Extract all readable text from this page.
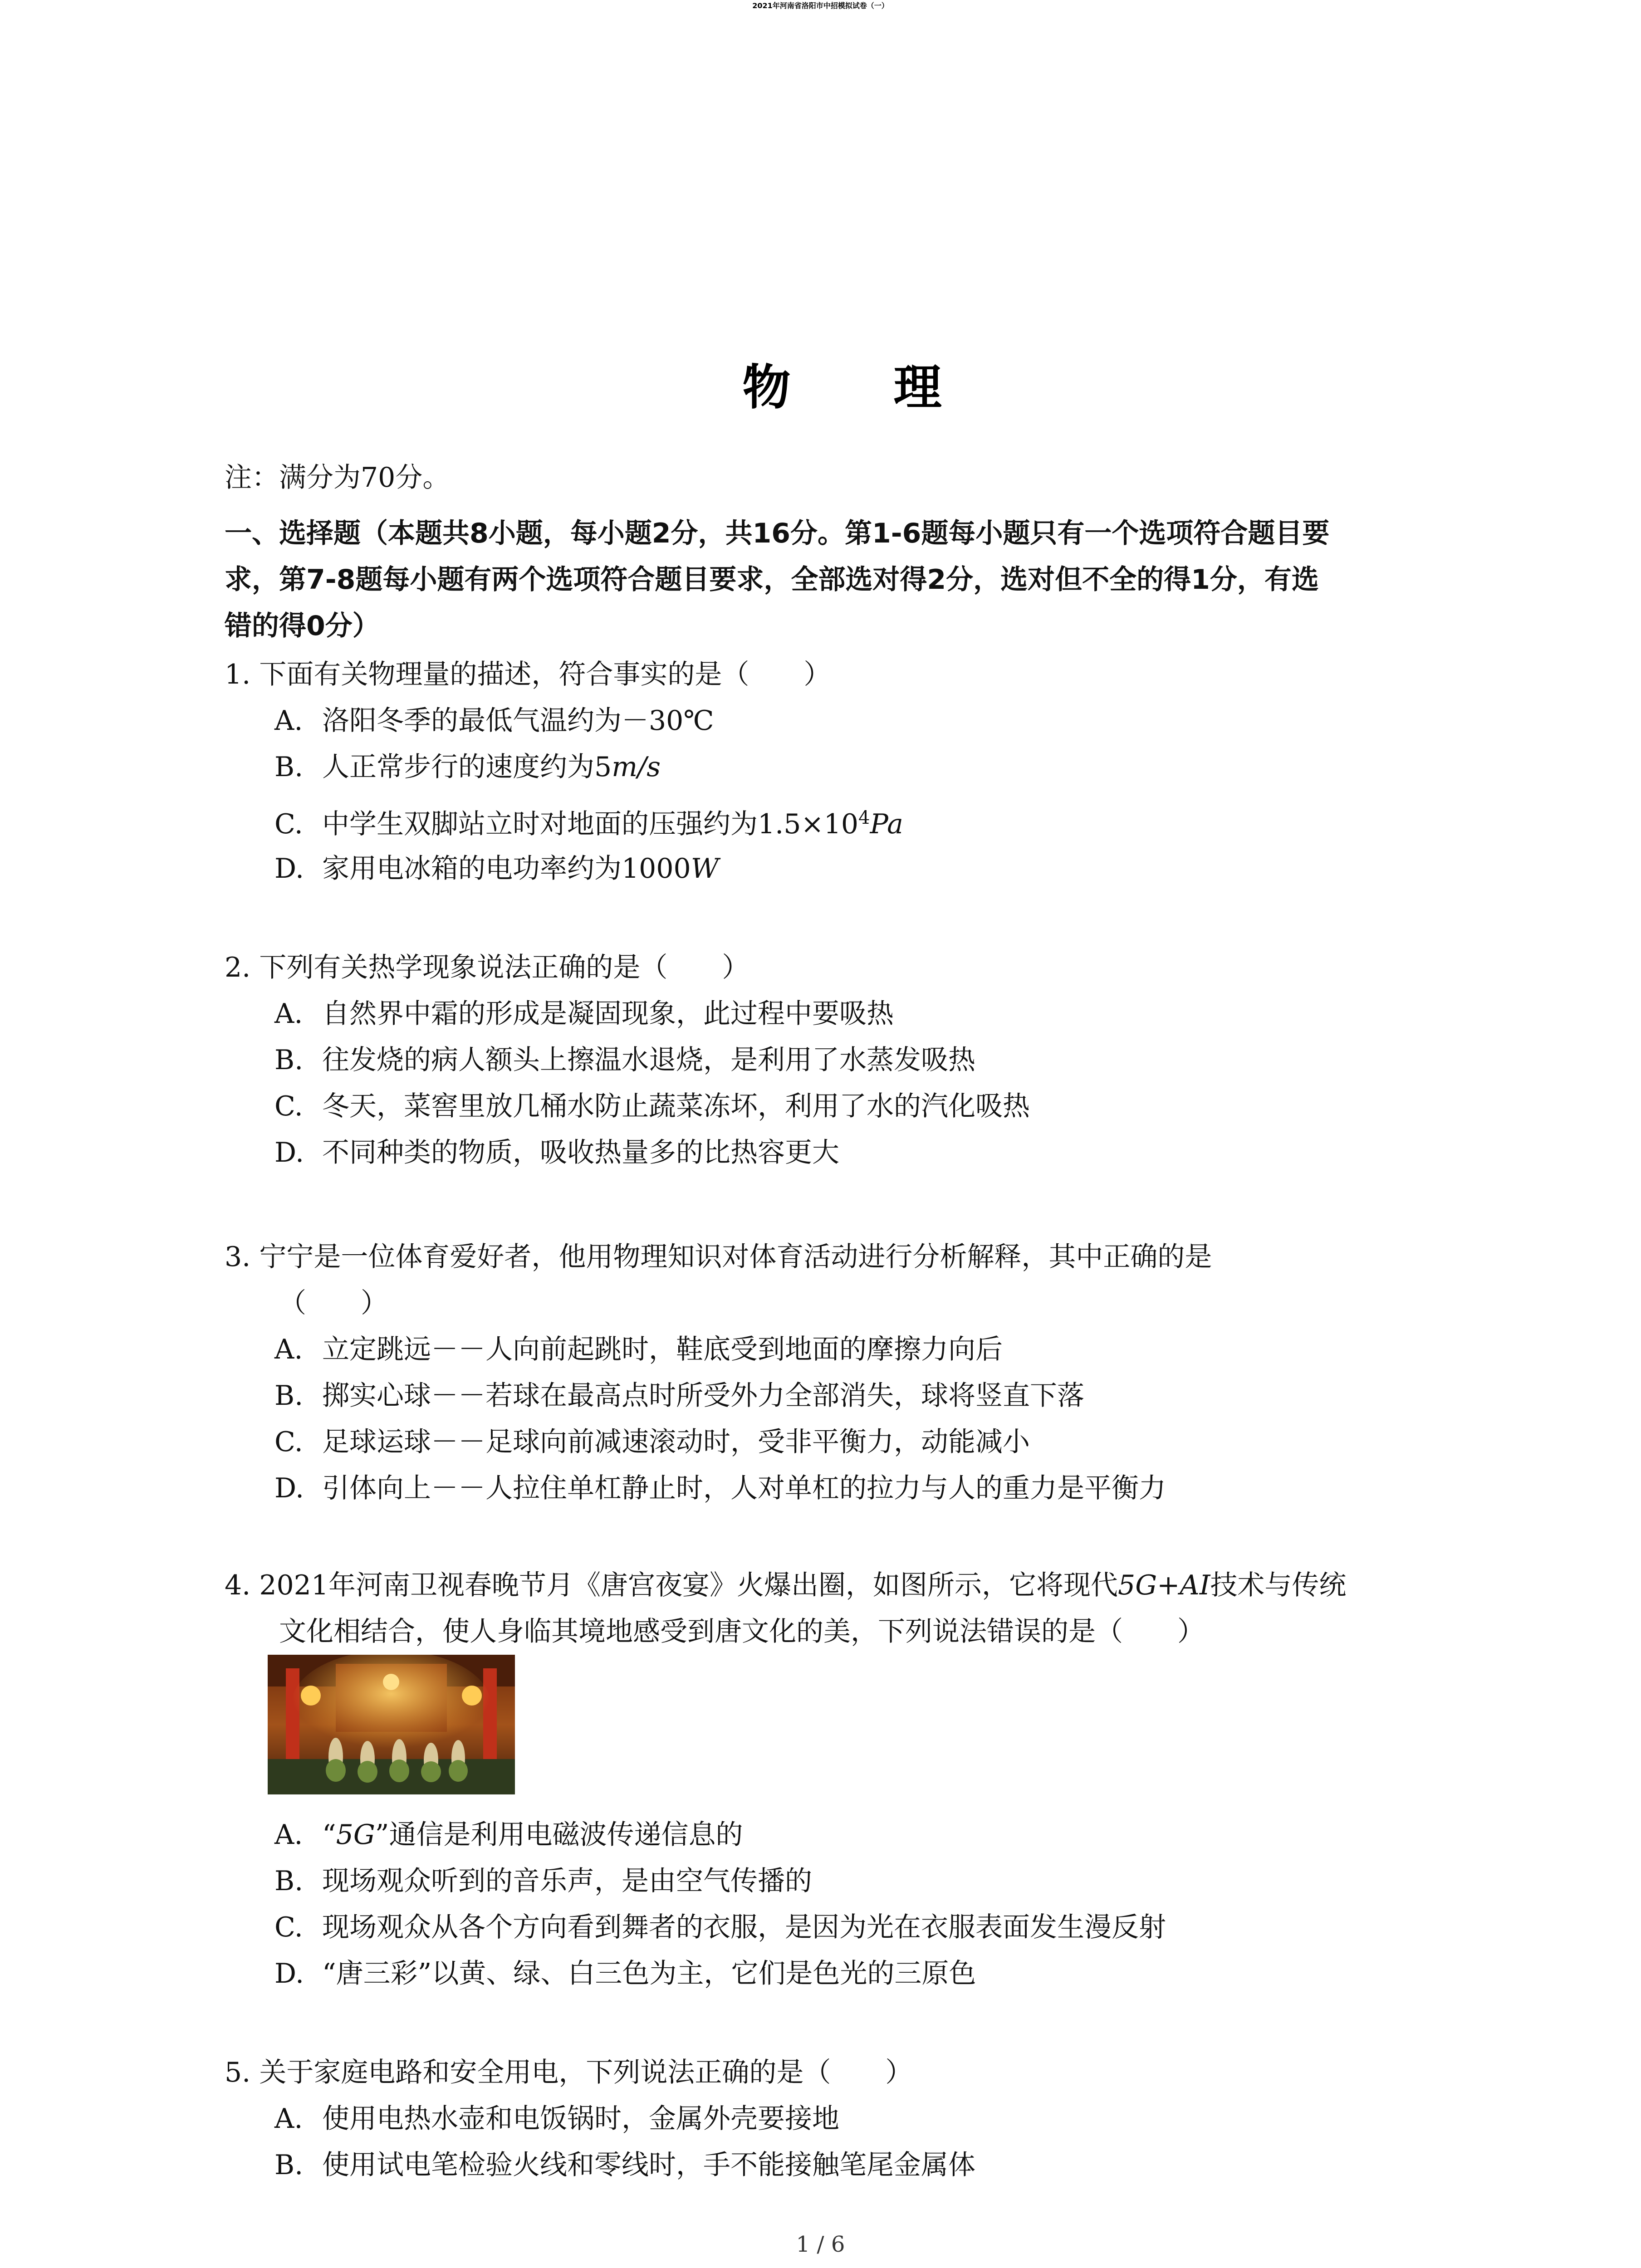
2021年河南省洛阳市中招模拟试卷（一）
物 理
注：满分为70分。
一、选择题（本题共8小题，每小题2分，共16分。第1-6题每小题只有一个选项符合题目要
求，第7-8题每小题有两个选项符合题目要求，全部选对得2分，选对但不全的得1分，有选
错的得0分）
1. 下面有关物理量的描述，符合事实的是（　　）
A. 洛阳冬季的最低气温约为－30℃
B. 人正常步行的速度约为5m/s
C. 中学生双脚站立时对地面的压强约为$1.5\times 10^4Pa$
D. 家用电冰箱的电功率约为1000W
2. 下列有关热学现象说法正确的是（　　）
A. 自然界中霜的形成是凝固现象，此过程中要吸热
B. 往发烧的病人额头上擦温水退烧，是利用了水蒸发吸热
C. 冬天，菜窖里放几桶水防止蔬菜冻坏，利用了水的汽化吸热
D. 不同种类的物质，吸收热量多的比热容更大
3. 宁宁是一位体育爱好者，他用物理知识对体育活动进行分析解释，其中正确的是
（　　）
A. 立定跳远－－人向前起跳时，鞋底受到地面的摩擦力向后
B. 掷实心球－－若球在最高点时所受外力全部消失，球将竖直下落
C. 足球运球－－足球向前减速滚动时，受非平衡力，动能减小
D. 引体向上－－人拉住单杠静止时，人对单杠的拉力与人的重力是平衡力
4. 2021年河南卫视春晚节月《唐宫夜宴》火爆出圈，如图所示，它将现代5G+AI技术与传统
文化相结合，使人身临其境地感受到唐文化的美，下列说法错误的是（　　）
A. “5G”通信是利用电磁波传递信息的
B. 现场观众听到的音乐声，是由空气传播的
C. 现场观众从各个方向看到舞者的衣服，是因为光在衣服表面发生漫反射
D. “唐三彩”以黄、绿、白三色为主，它们是色光的三原色
5. 关于家庭电路和安全用电，下列说法正确的是（　　）
A. 使用电热水壶和电饭锅时，金属外壳要接地
B. 使用试电笔检验火线和零线时，手不能接触笔尾金属体
1 / 6
